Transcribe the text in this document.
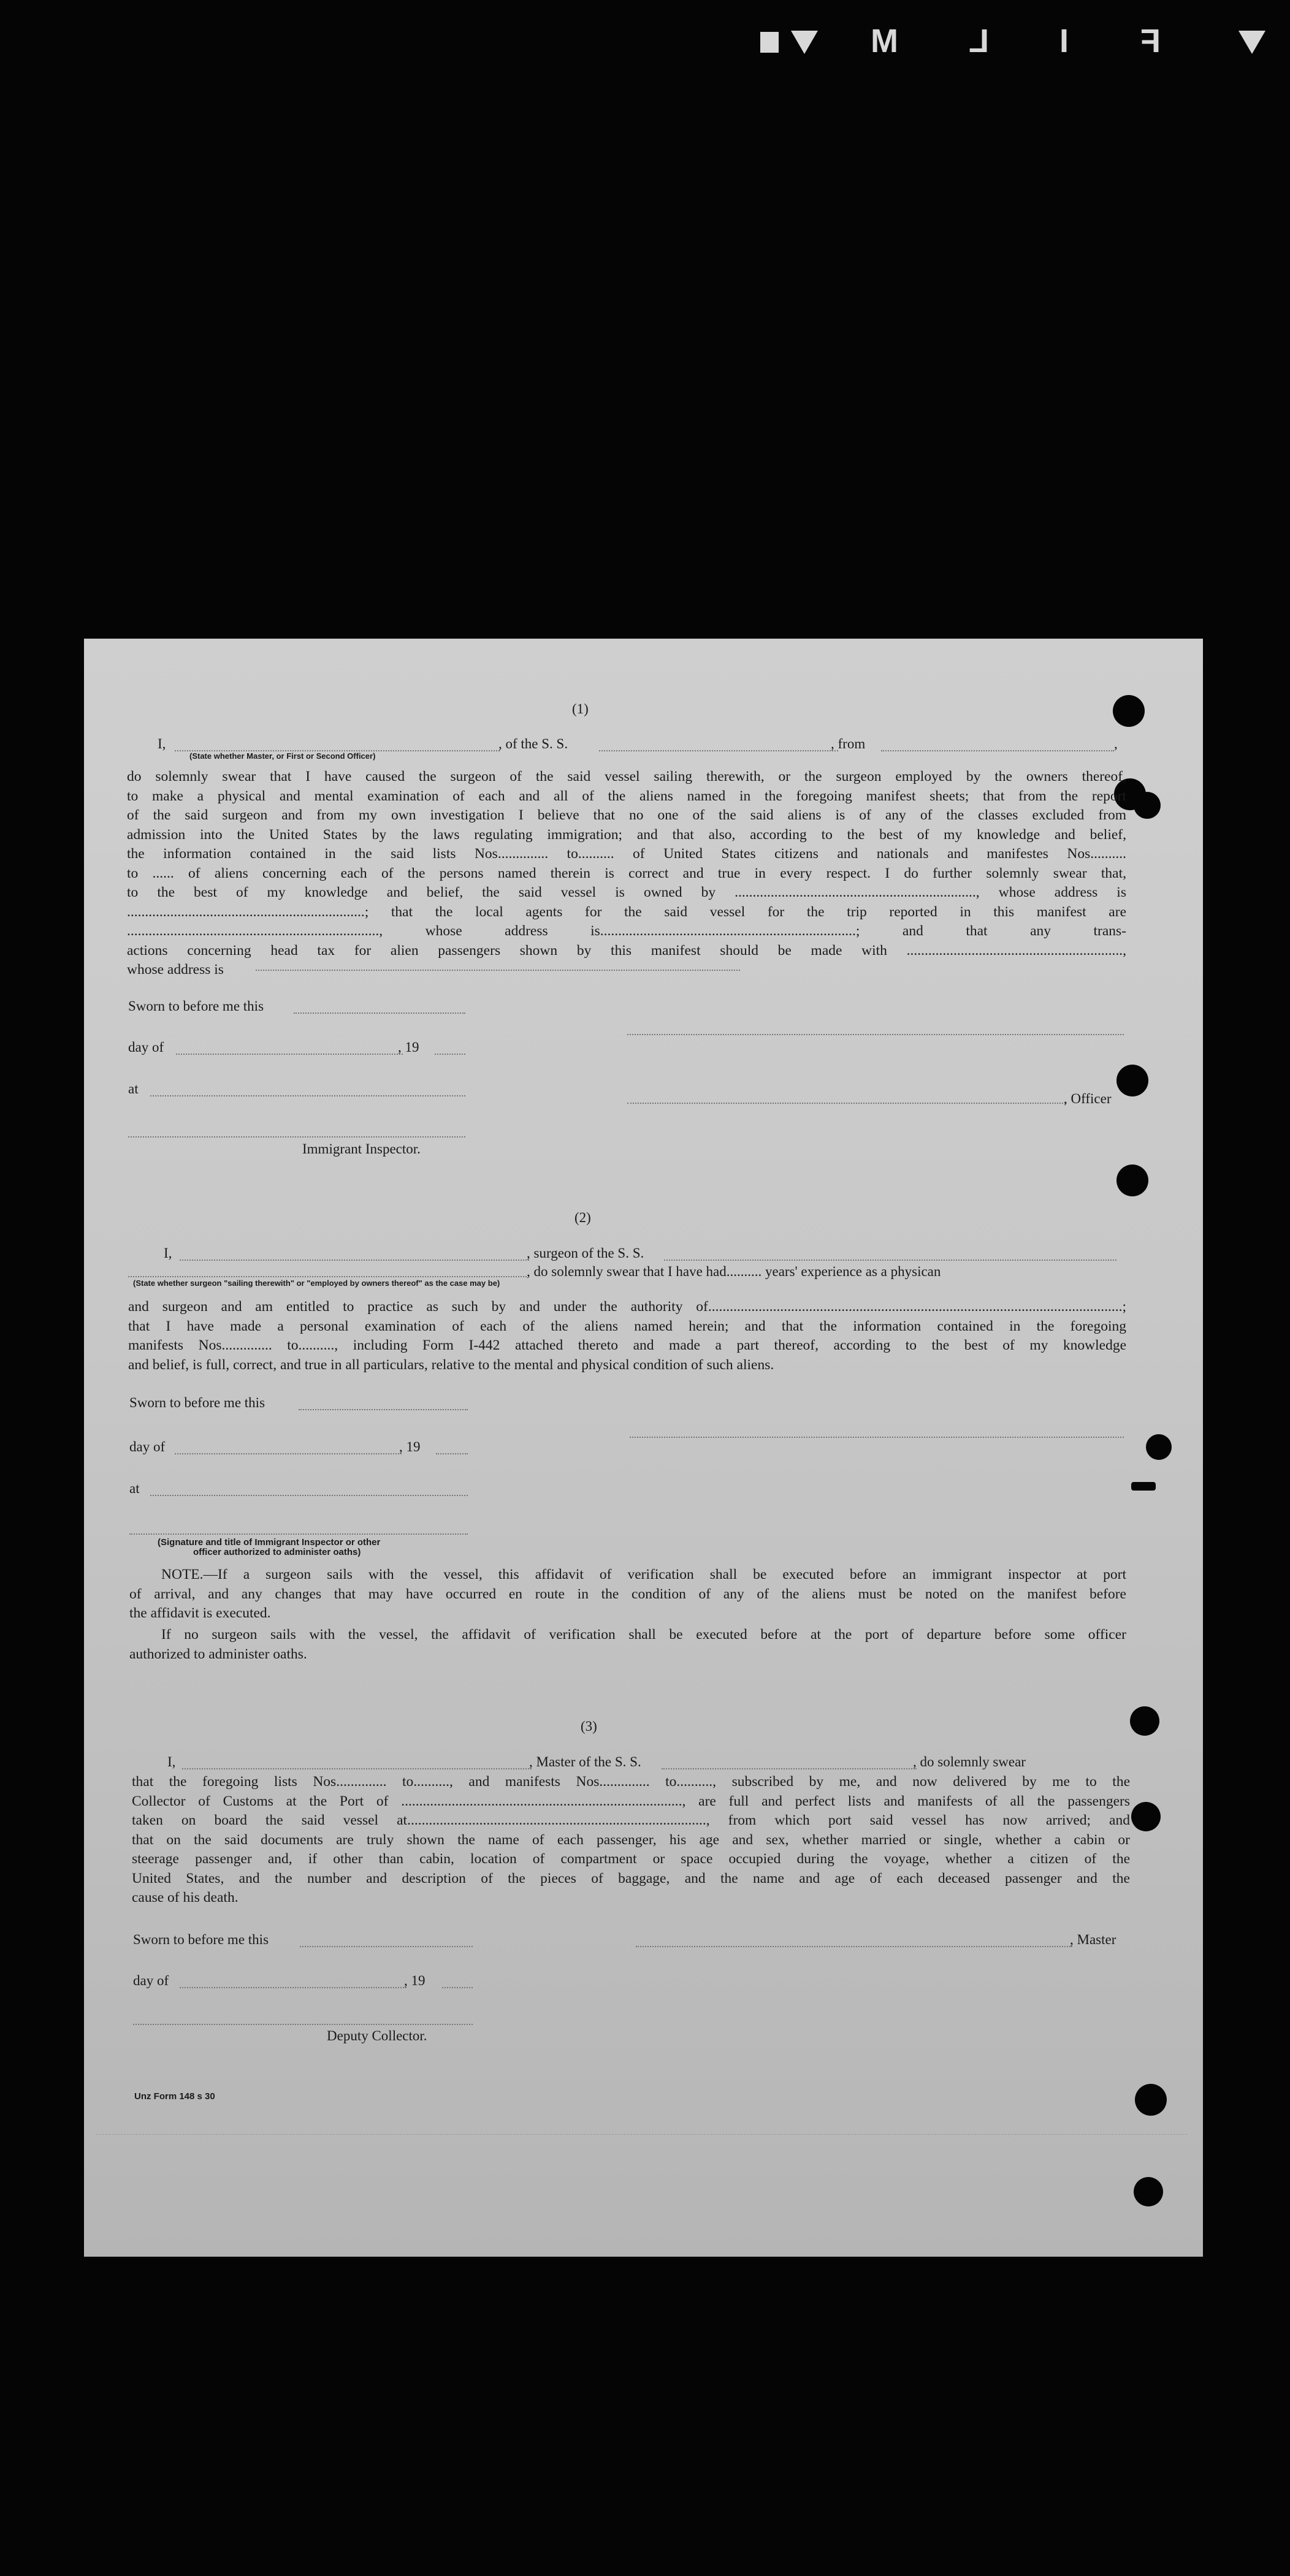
F
I
L
M
(1)
I,
(State whether Master, or First or Second Officer)
, of the S. S.	, from	,
do solemnly swear that I have caused the surgeon of the said vessel sailing therewith, or the surgeon employed by the owners thereof,
to make a physical and mental examination of each and all of the aliens named in the foregoing manifest sheets; that from the report
of the said surgeon and from my own investigation I believe that no one of the said aliens is of any of the classes excluded from
admission into the United States by the laws regulating immigration; and that also, according to the best of my knowledge and belief,
the information contained in the said lists Nos.............. to.......... of United States citizens and nationals and manifestes Nos..........
to ...... of aliens concerning each of the persons named therein is correct and true in every respect. I do further solemnly swear that,
to the best of my knowledge and belief, the said vessel is owned by ..................................................................., whose address is
..................................................................; that the local agents for the said vessel for the trip reported in this manifest are
......................................................................, whose address is.......................................................................; and that any trans-
actions concerning head tax for alien passengers shown by this manifest should be made with ............................................................,
whose address is
Sworn to before me this
day of	, 19
at
, Officer
Immigrant Inspector.
(2)
I,	, surgeon of the S. S.
, do solemnly swear that I have had.......... years' experience as a physican
(State whether surgeon "sailing therewith" or "employed by owners thereof" as the case may be)
and surgeon and am entitled to practice as such by and under the authority of...................................................................................................................;
that I have made a personal examination of each of the aliens named herein; and that the information contained in the foregoing
manifests Nos.............. to.........., including Form I-442 attached thereto and made a part thereof, according to the best of my knowledge
and belief, is full, correct, and true in all particulars, relative to the mental and physical condition of such aliens.
Sworn to before me this
day of	, 19
at
(Signature and title of Immigrant Inspector or other
officer authorized to administer oaths)
NOTE.—If a surgeon sails with the vessel, this affidavit of verification shall be executed before an immigrant inspector at port
of arrival, and any changes that may have occurred en route in the condition of any of the aliens must be noted on the manifest before
the affidavit is executed.
If no surgeon sails with the vessel, the affidavit of verification shall be executed before at the port of departure before some officer
authorized to administer oaths.
(3)
I,	, Master of the S. S.	, do solemnly swear
that the foregoing lists Nos.............. to.........., and manifests Nos.............. to.........., subscribed by me, and now delivered by me to the
Collector of Customs at the Port of .............................................................................., are full and perfect lists and manifests of all the passengers
taken on board the said vessel at..................................................................................., from which port said vessel has now arrived; and
that on the said documents are truly shown the name of each passenger, his age and sex, whether married or single, whether a cabin or
steerage passenger and, if other than cabin, location of compartment or space occupied during the voyage, whether a citizen of the
United States, and the number and description of the pieces of baggage, and the name and age of each deceased passenger and the
cause of his death.
Sworn to before me this	, Master
day of	, 19
Deputy Collector.
Unz Form 148 s 30
